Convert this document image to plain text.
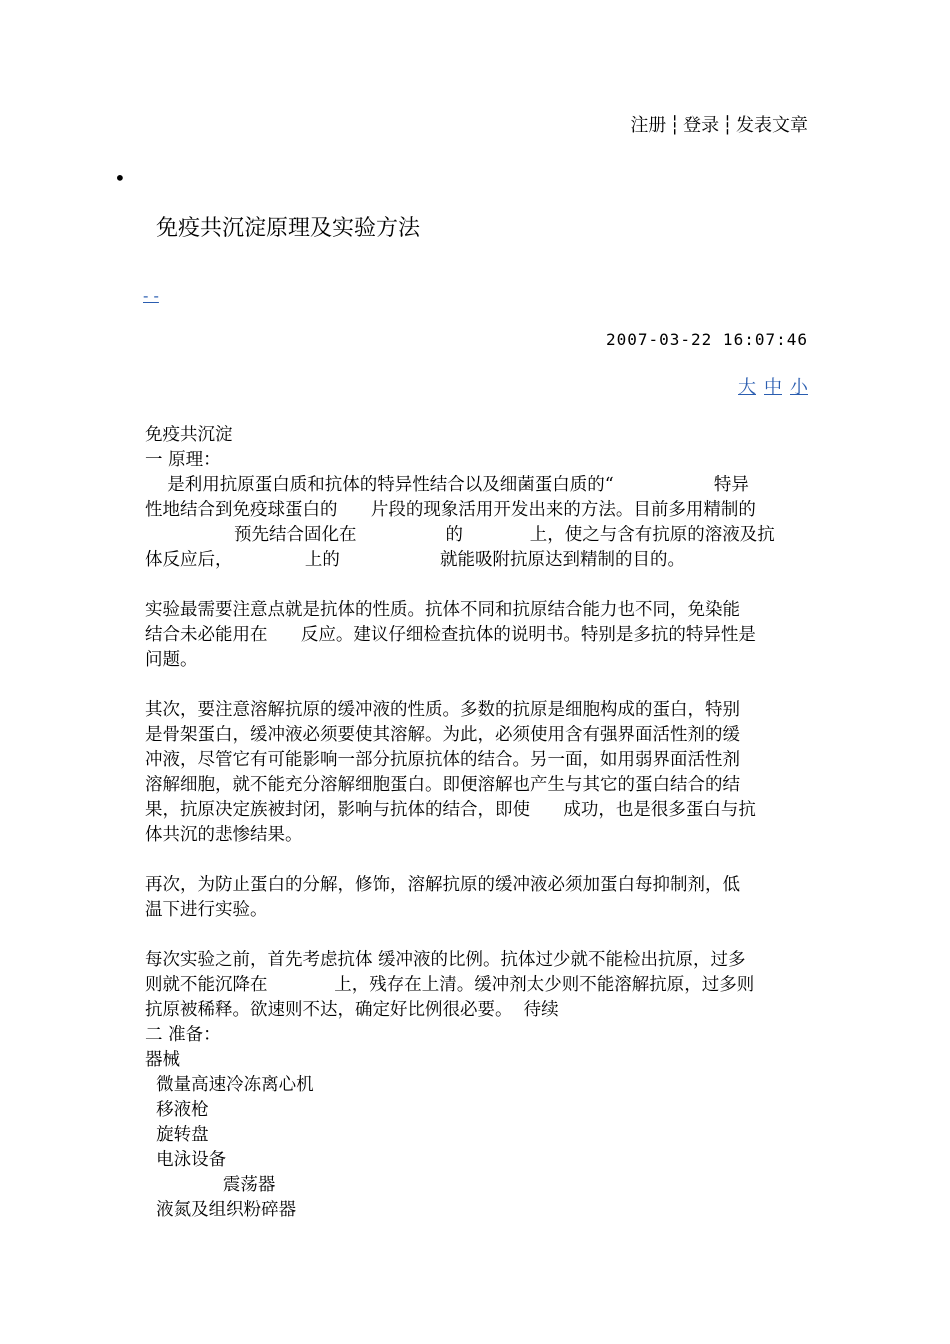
注册 ┆ 登录 ┆ 发表文章
•
免疫共沉淀原理及实验方法
- -
2007-03-22 16:07:46
大 中 小
免疫共沉淀
一 原理：
是利用抗原蛋白质和抗体的特异性结合以及细菌蛋白质的“                  特异
性地结合到免疫球蛋白的      片段的现象活用开发出来的方法。目前多用精制的
预先结合固化在                的            上，使之与含有抗原的溶液及抗
体反应后，             上的                  就能吸附抗原达到精制的目的。
实验最需要注意点就是抗体的性质。抗体不同和抗原结合能力也不同，免染能
结合未必能用在      反应。建议仔细检查抗体的说明书。特别是多抗的特异性是
问题。
其次，要注意溶解抗原的缓冲液的性质。多数的抗原是细胞构成的蛋白，特别
是骨架蛋白，缓冲液必须要使其溶解。为此，必须使用含有强界面活性剂的缓
冲液，尽管它有可能影响一部分抗原抗体的结合。另一面，如用弱界面活性剂
溶解细胞，就不能充分溶解细胞蛋白。即便溶解也产生与其它的蛋白结合的结
果，抗原决定族被封闭，影响与抗体的结合，即使      成功，也是很多蛋白与抗
体共沉的悲惨结果。
再次，为防止蛋白的分解，修饰，溶解抗原的缓冲液必须加蛋白每抑制剂，低
温下进行实验。
每次实验之前，首先考虑抗体 缓冲液的比例。抗体过少就不能检出抗原，过多
则就不能沉降在            上，残存在上清。缓冲剂太少则不能溶解抗原，过多则
抗原被稀释。欲速则不达，确定好比例很必要。  待续
二 准备：
器械
微量高速冷冻离心机
移液枪
旋转盘
电泳设备
震荡器
液氮及组织粉碎器
